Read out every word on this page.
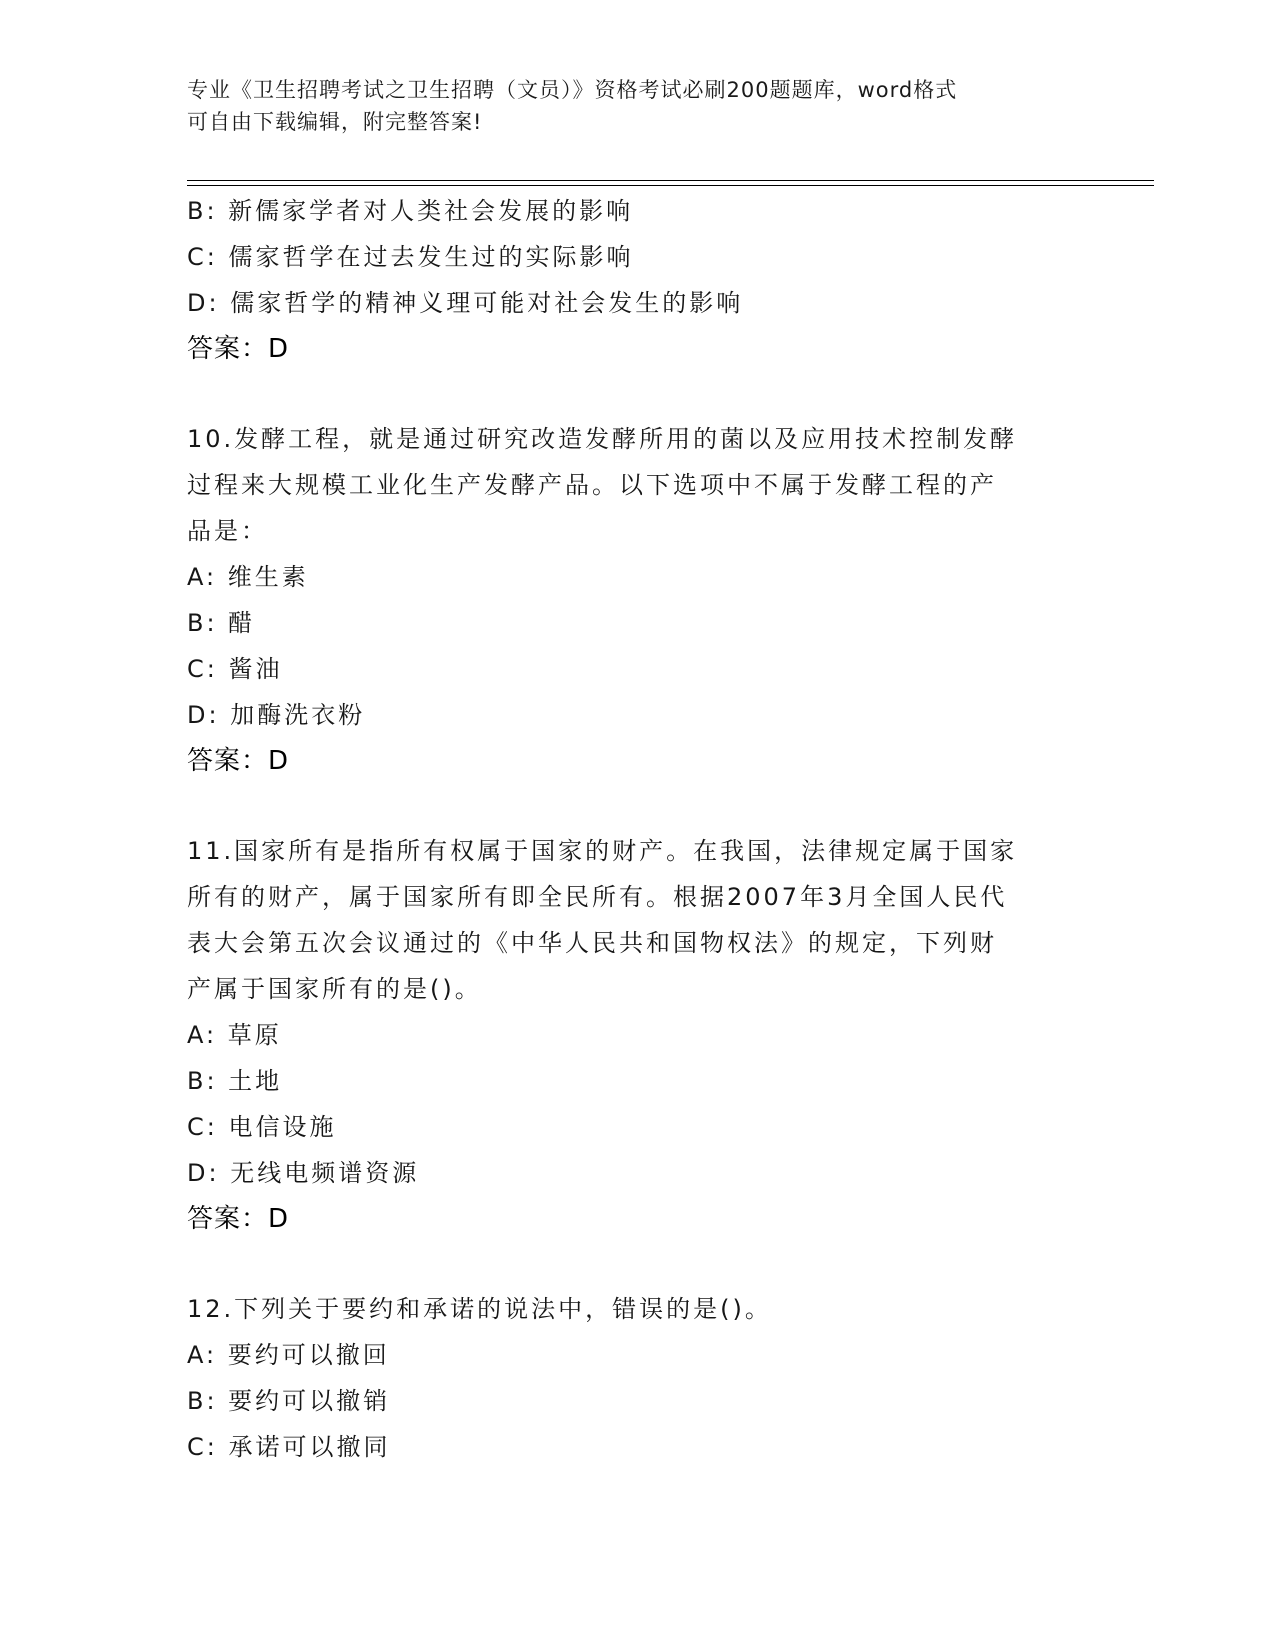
专业《卫生招聘考试之卫生招聘（文员）》资格考试必刷200题题库，word格式
可自由下载编辑，附完整答案!
B: 新儒家学者对人类社会发展的影响
C: 儒家哲学在过去发生过的实际影响
D: 儒家哲学的精神义理可能对社会发生的影响
答案：D
10.发酵工程，就是通过研究改造发酵所用的菌以及应用技术控制发酵
过程来大规模工业化生产发酵产品。以下选项中不属于发酵工程的产
品是：
A: 维生素
B: 醋
C: 酱油
D: 加酶洗衣粉
答案：D
11.国家所有是指所有权属于国家的财产。在我国，法律规定属于国家
所有的财产，属于国家所有即全民所有。根据2007年3月全国人民代
表大会第五次会议通过的《中华人民共和国物权法》的规定，下列财
产属于国家所有的是()。
A: 草原
B: 土地
C: 电信设施
D: 无线电频谱资源
答案：D
12.下列关于要约和承诺的说法中，错误的是()。
A: 要约可以撤回
B: 要约可以撤销
C: 承诺可以撤同
